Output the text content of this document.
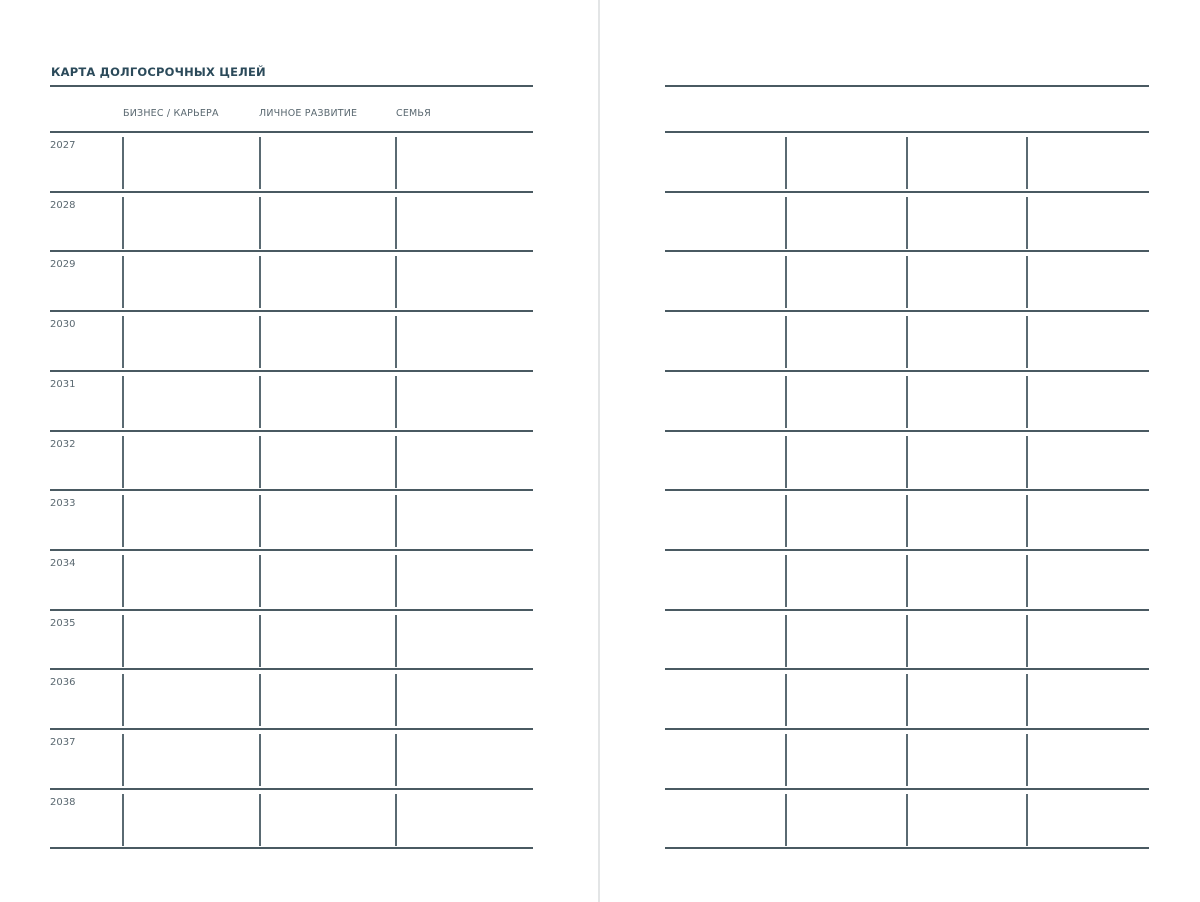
КАРТА ДОЛГОСРОЧНЫХ ЦЕЛЕЙ
БИЗНЕС / КАРЬЕРА	ЛИЧНОЕ РАЗВИТИЕ	СЕМЬЯ
2027
2028
2029
2030
2031
2032
2033
2034
2035
2036
2037
2038
